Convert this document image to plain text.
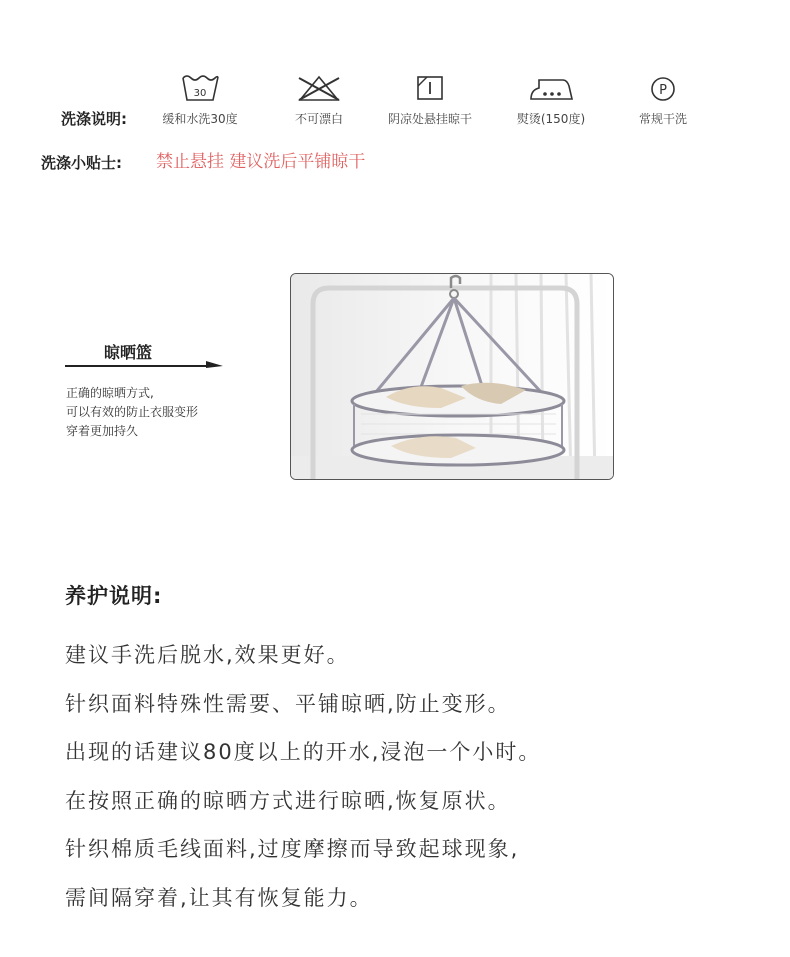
洗涤说明:
30
缓和水洗30度	不可漂白	阴凉处悬挂晾干	熨烫(150度)
P
常规干洗
洗涤小贴士: 禁止悬挂 建议洗后平铺晾干
晾晒篮
正确的晾晒方式,
可以有效的防止衣服变形
穿着更加持久
养护说明:
建议手洗后脱水,效果更好。
针织面料特殊性需要、平铺晾晒,防止变形。
出现的话建议80度以上的开水,浸泡一个小时。
在按照正确的晾晒方式进行晾晒,恢复原状。
针织棉质毛线面料,过度摩擦而导致起球现象,
需间隔穿着,让其有恢复能力。
